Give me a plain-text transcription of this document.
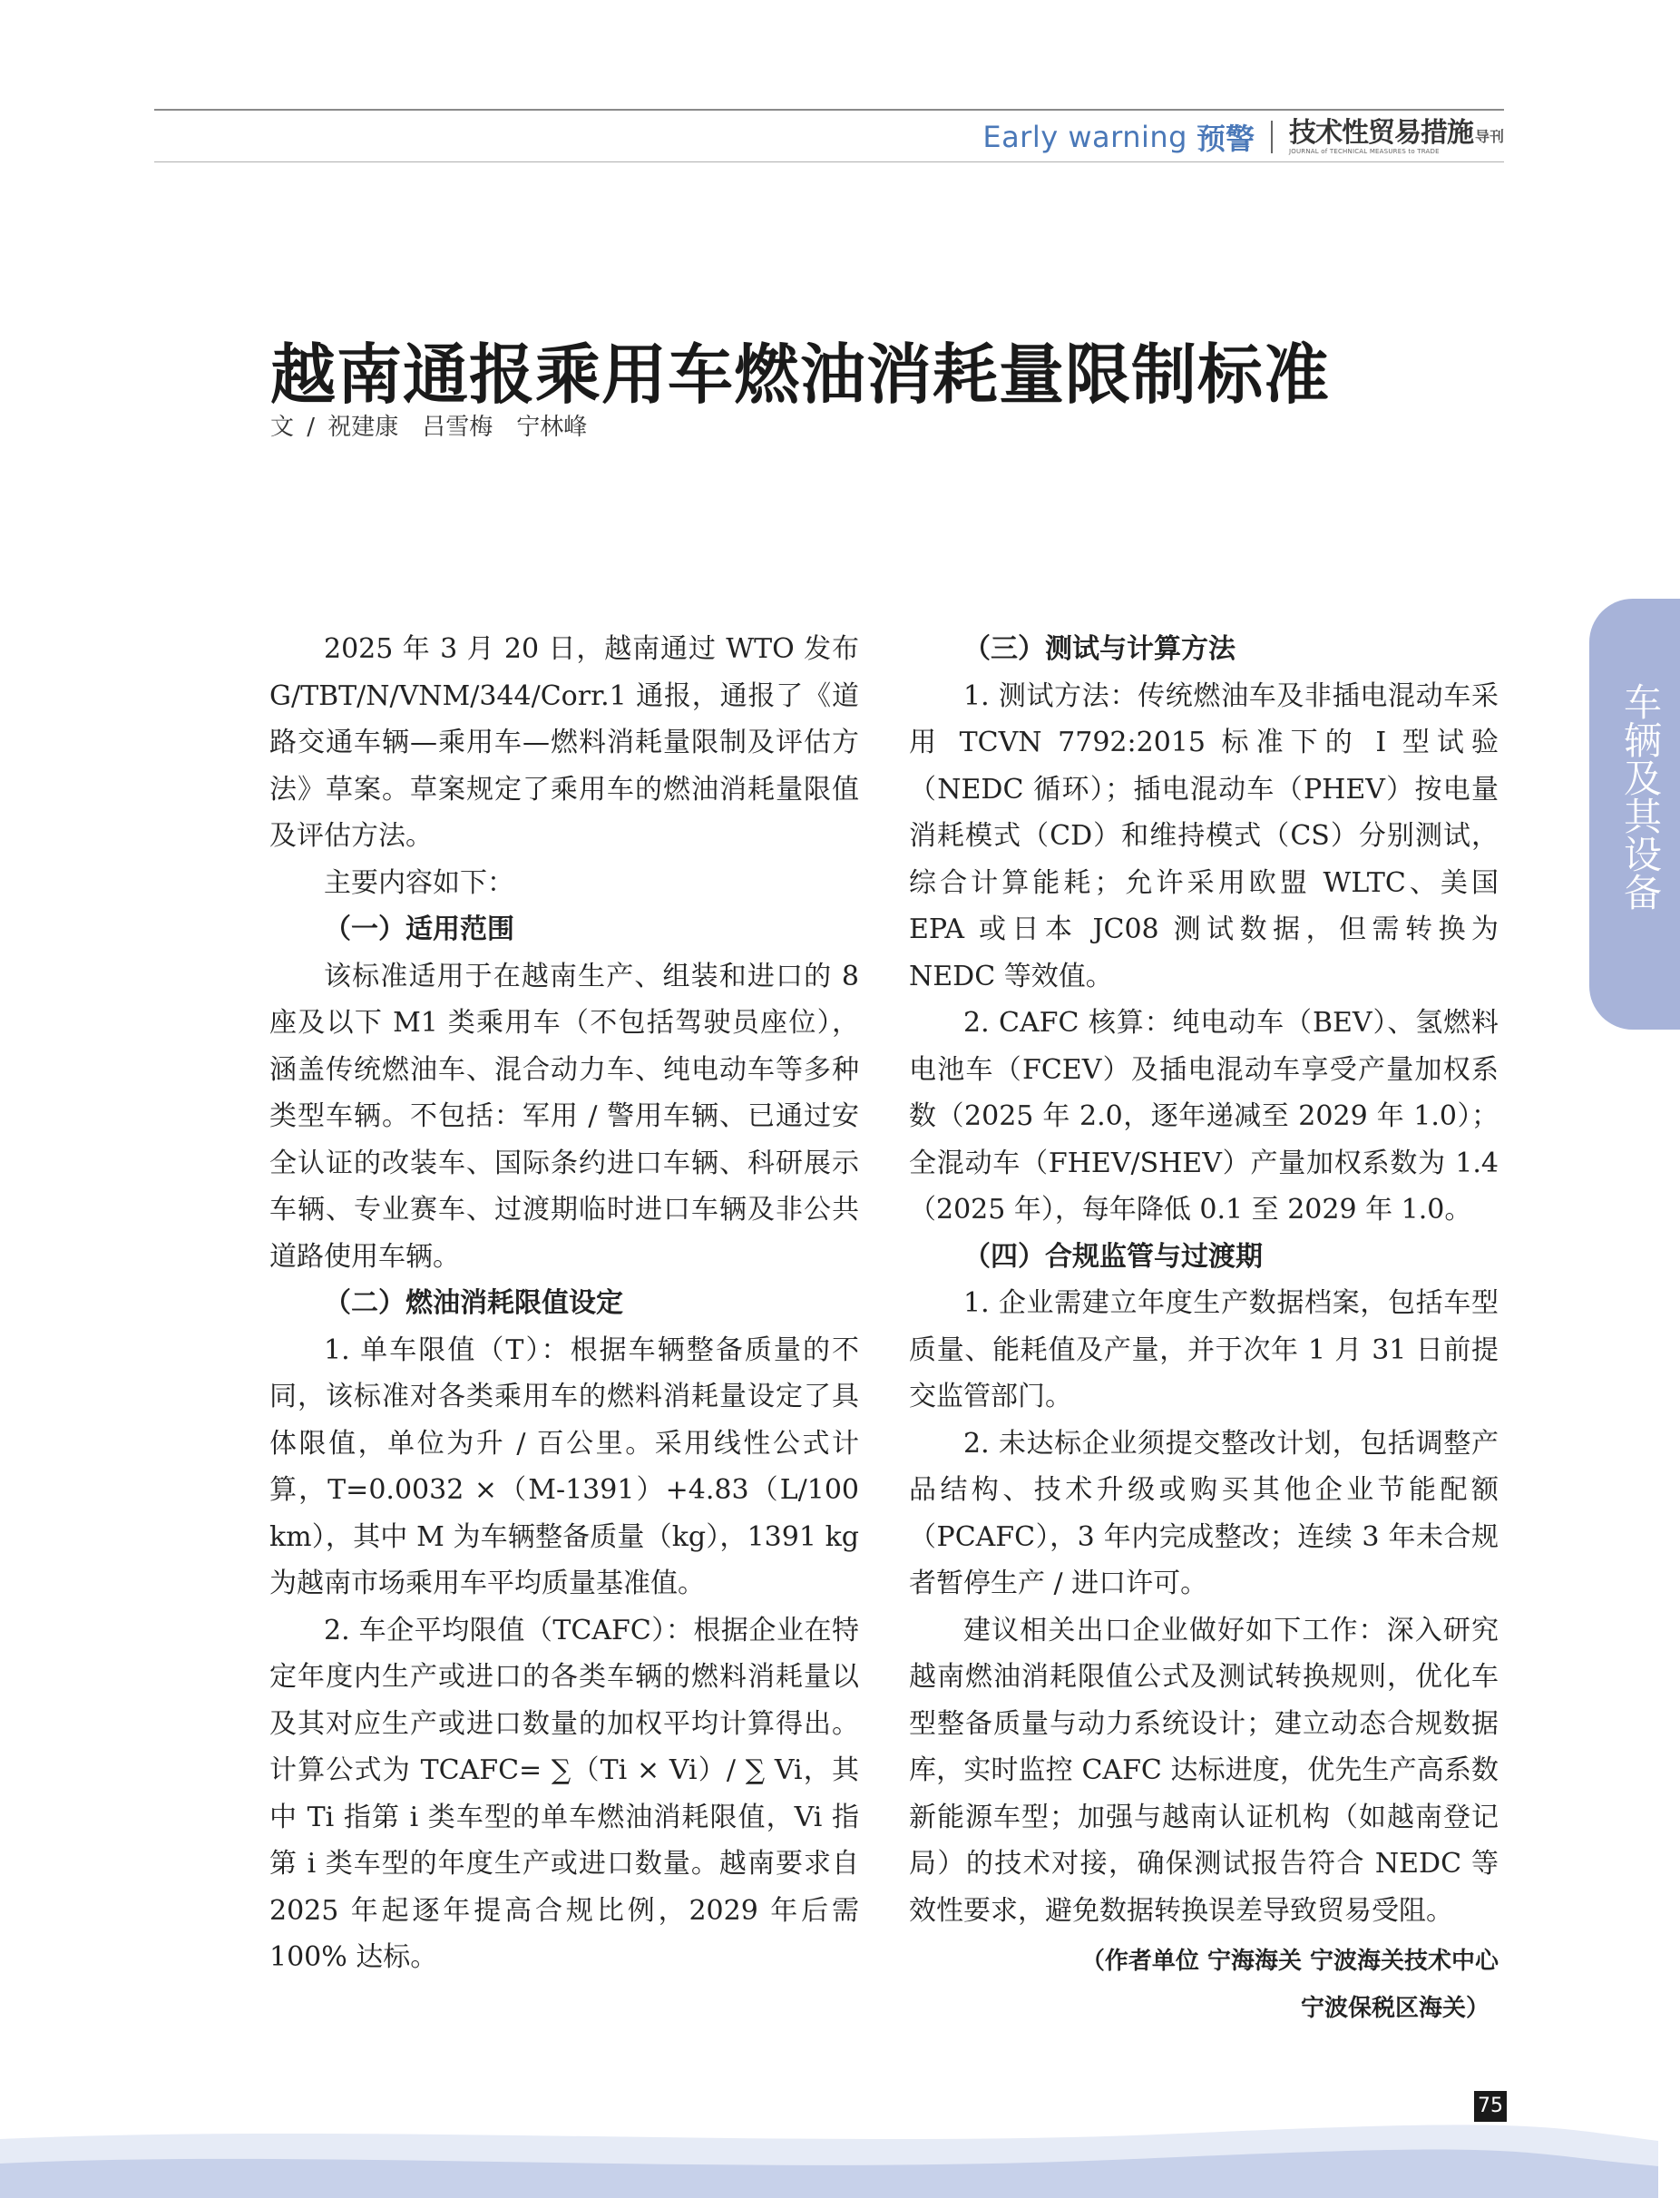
Early warning 预警 技术性贸易措施 导刊
JOURNAL of TECHNICAL MEASURES to TRADE
越南通报乘用车燃油消耗量限制标准
文 / 祝建康　吕雪梅　宁林峰

2025 年 3 月 20 日，越南通过 WTO 发布 G/TBT/N/VNM/344/Corr.1 通报，通报了《道路交通车辆—乘用车—燃料消耗量限制及评估方法》草案。草案规定了乘用车的燃油消耗量限值及评估方法。

主要内容如下：

（一）适用范围

该标准适用于在越南生产、组装和进口的 8 座及以下 M1 类乘用车（不包括驾驶员座位），涵盖传统燃油车、混合动力车、纯电动车等多种类型车辆。不包括：军用 / 警用车辆、已通过安全认证的改装车、国际条约进口车辆、科研展示车辆、专业赛车、过渡期临时进口车辆及非公共道路使用车辆。

（二）燃油消耗限值设定

1. 单车限值（T）：根据车辆整备质量的不同，该标准对各类乘用车的燃料消耗量设定了具体限值，单位为升 / 百公里。采用线性公式计算，T=0.0032 ×（M-1391）+4.83（L/100 km），其中 M 为车辆整备质量（kg），1391 kg 为越南市场乘用车平均质量基准值。

2. 车企平均限值（TCAFC）：根据企业在特定年度内生产或进口的各类车辆的燃料消耗量以及其对应生产或进口数量的加权平均计算得出。计算公式为 TCAFC= ∑（Ti × Vi）/ ∑ Vi，其中 Ti 指第 i 类车型的单车燃油消耗限值，Vi 指第 i 类车型的年度生产或进口数量。越南要求自 2025 年起逐年提高合规比例，2029 年后需 100% 达标。

（三）测试与计算方法

1. 测试方法：传统燃油车及非插电混动车采用 TCVN 7792:2015 标准下的 I 型试验（NEDC 循环）；插电混动车（PHEV）按电量消耗模式（CD）和维持模式（CS）分别测试，综合计算能耗；允许采用欧盟 WLTC、美国 EPA 或日本 JC08 测试数据，但需转换为 NEDC 等效值。

2. CAFC 核算：纯电动车（BEV）、氢燃料电池车（FCEV）及插电混动车享受产量加权系数（2025 年 2.0，逐年递减至 2029 年 1.0）；全混动车（FHEV/SHEV）产量加权系数为 1.4（2025 年），每年降低 0.1 至 2029 年 1.0。

（四）合规监管与过渡期

1. 企业需建立年度生产数据档案，包括车型质量、能耗值及产量，并于次年 1 月 31 日前提交监管部门。

2. 未达标企业须提交整改计划，包括调整产品结构、技术升级或购买其他企业节能配额（PCAFC），3 年内完成整改；连续 3 年未合规者暂停生产 / 进口许可。

建议相关出口企业做好如下工作：深入研究越南燃油消耗限值公式及测试转换规则，优化车型整备质量与动力系统设计；建立动态合规数据库，实时监控 CAFC 达标进度，优先生产高系数新能源车型；加强与越南认证机构（如越南登记局）的技术对接，确保测试报告符合 NEDC 等效性要求，避免数据转换误差导致贸易受阻。

（作者单位 宁海海关 宁波海关技术中心
宁波保税区海关）
车辆及其设备
75
